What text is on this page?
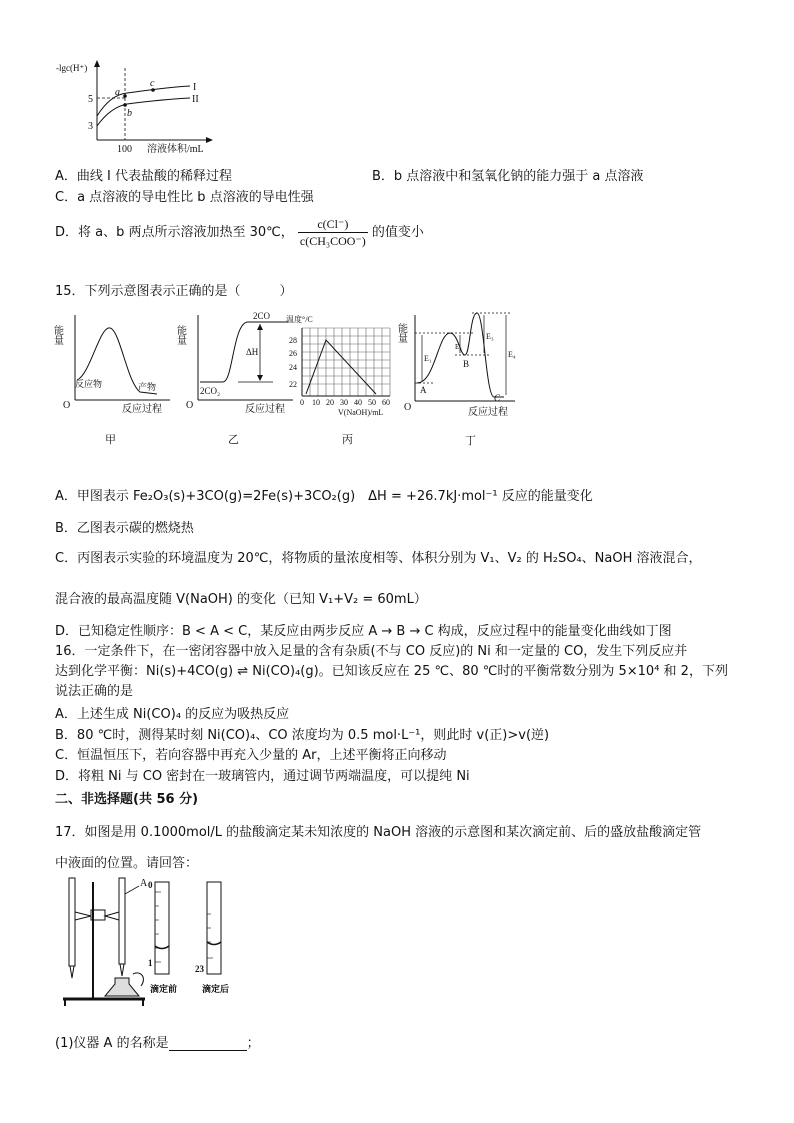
-lgc(H⁺)
5
3
a
b
c	I
II
100 溶液体积/mL
A．曲线 I 代表盐酸的稀释过程	B．b 点溶液中和氢氧化钠的能力强于 a 点溶液
C．a 点溶液的导电性比 b 点溶液的导电性强
D．将 a、b 两点所示溶液加热至 30℃， $\frac{c(Cl^-)}{\text{c(CH₃COO⁻)}}$ 的值变小
15．下列示意图表示正确的是（　　　）
能量
O
反应物	产物
反应过程
甲
能量
O
2CO
2CO₂
ΔH
反应过程
乙
温度°/C
28
26
24
22
0 10 20 30 40 50 60
V(NaOH)/mL
丙
能量
O
E₁
E₂
E₃
E₄
A
B
C
反应过程
丁
A．甲图表示 Fe₂O₃(s)+3CO(g)=2Fe(s)+3CO₂(g)　ΔH = +26.7kJ·mol⁻¹ 反应的能量变化
B．乙图表示碳的燃烧热
C．丙图表示实验的环境温度为 20℃，将物质的量浓度相等、体积分别为 V₁、V₂ 的 H₂SO₄、NaOH 溶液混合，
混合液的最高温度随 V(NaOH) 的变化（已知 V₁+V₂ = 60mL）
D．已知稳定性顺序：B < A < C，某反应由两步反应 A → B → C 构成，反应过程中的能量变化曲线如丁图
16．一定条件下，在一密闭容器中放入足量的含有杂质(不与 CO 反应)的 Ni 和一定量的 CO，发生下列反应并
达到化学平衡：Ni(s)+4CO(g) ⇌ Ni(CO)₄(g)。已知该反应在 25 ℃、80 ℃时的平衡常数分别为 5×10⁴ 和 2，下列
说法正确的是
A．上述生成 Ni(CO)₄ 的反应为吸热反应
B．80 ℃时，测得某时刻 Ni(CO)₄、CO 浓度均为 0.5 mol·L⁻¹，则此时 v(正)>v(逆)
C．恒温恒压下，若向容器中再充入少量的 Ar，上述平衡将正向移动
D．将粗 Ni 与 CO 密封在一玻璃管内，通过调节两端温度，可以提纯 Ni
二、非选择题(共 56 分)
17．如图是用 0.1000mol/L 的盐酸滴定某未知浓度的 NaOH 溶液的示意图和某次滴定前、后的盛放盐酸滴定管
中液面的位置。请回答：
A 0
1
滴定前
23
滴定后
(1)仪器 A 的名称是	；
